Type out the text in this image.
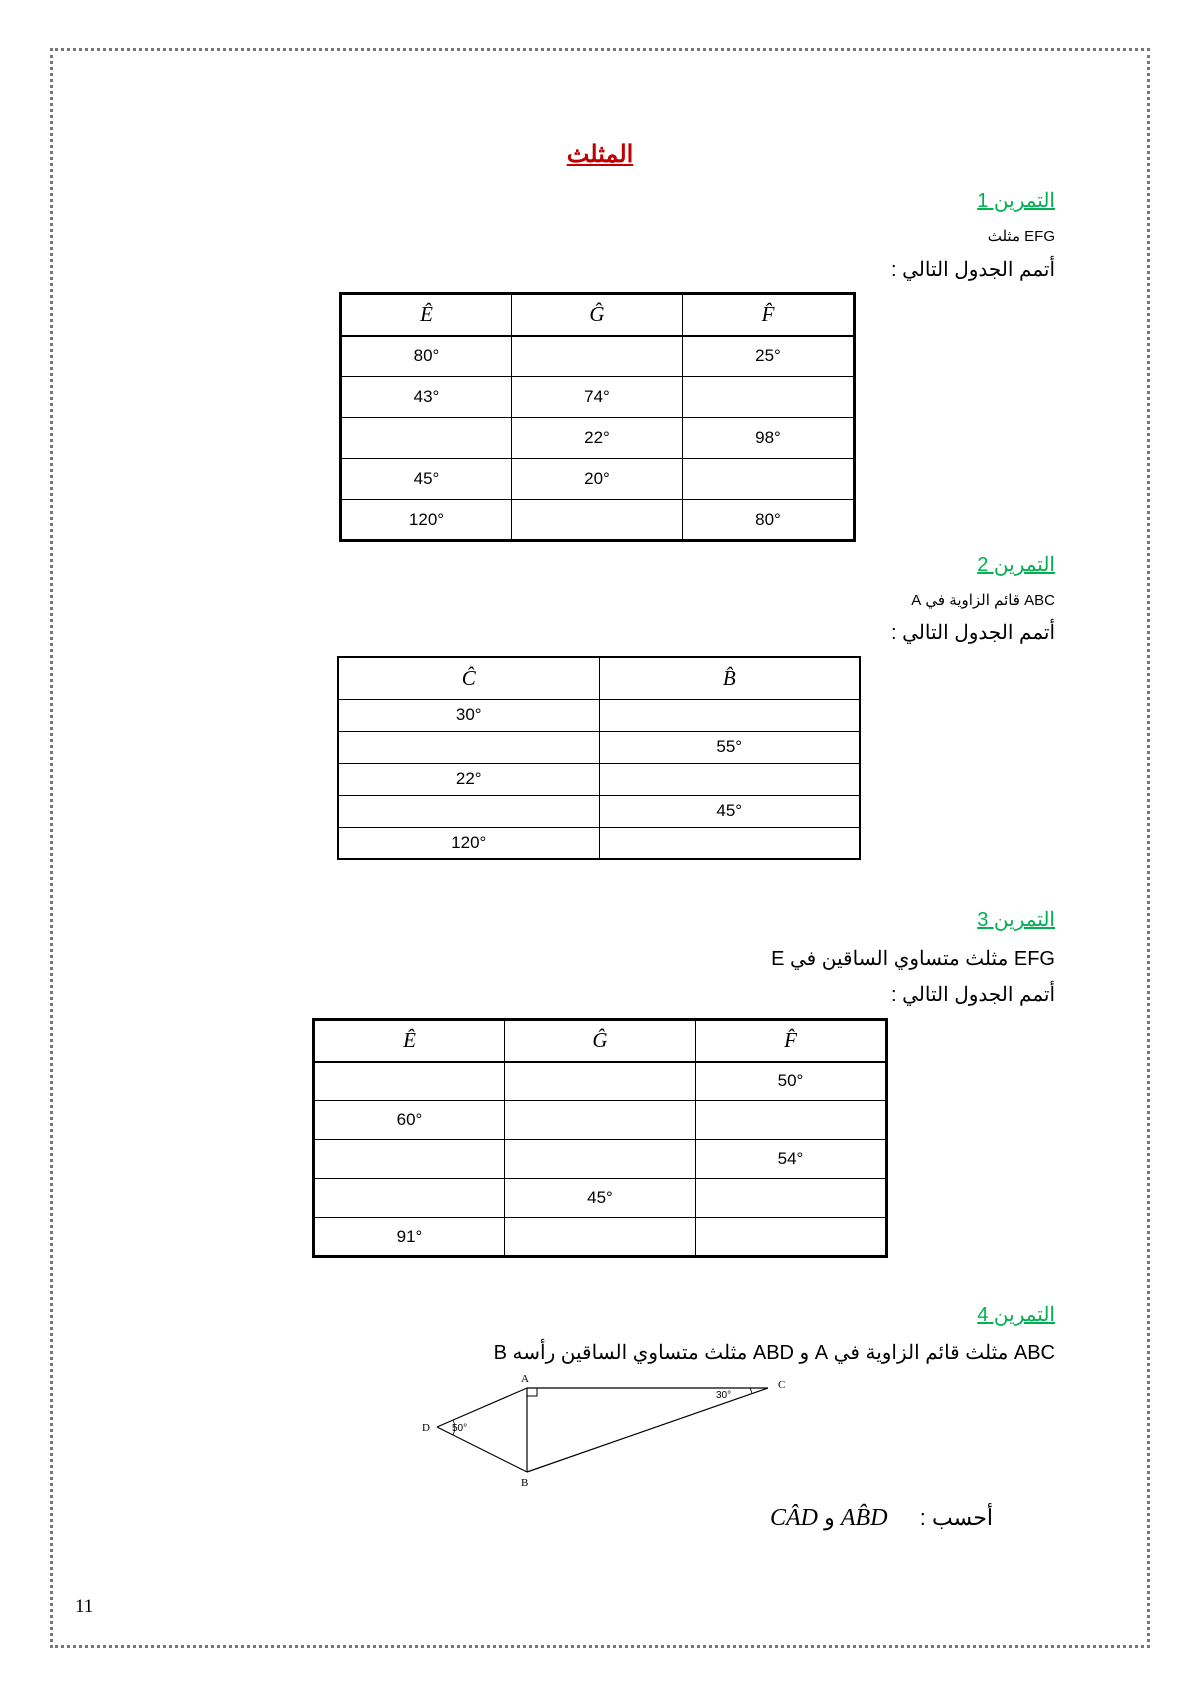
المثلث
التمرين 1
EFG مثلث
أتمم الجدول التالي :
Ê	Ĝ	F̂
80°		25°
43°	74°	
	22°	98°
45°	20°	
120°		80°
التمرين 2
ABC قائم الزاوية في A
أتمم الجدول التالي :
Ĉ	B̂
30°	
	55°
22°	
	45°
120°	
التمرين 3
EFG مثلث متساوي الساقين في E
أتمم الجدول التالي :
Ê	Ĝ	F̂
		50°
60°		
		54°
	45°	
91°		
التمرين 4
ABC مثلث قائم الزاوية في A و ABD مثلث متساوي الساقين رأسه B
A
B
C
D
30°
50°
CÂD و AB̂D أحسب :
11
